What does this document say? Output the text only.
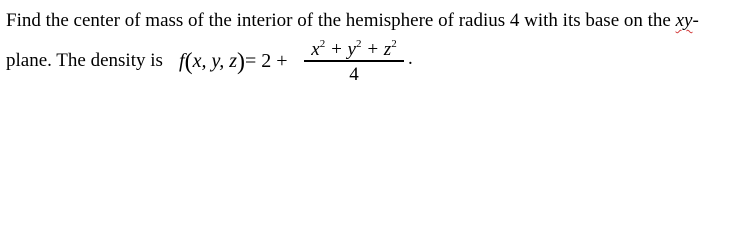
Find the center of mass of the interior of the hemisphere of radius 4 with its base on the xy-
plane. The density is f(x, y, z)= 2 +
$x^2 + y^2 + z^2$
4
.
